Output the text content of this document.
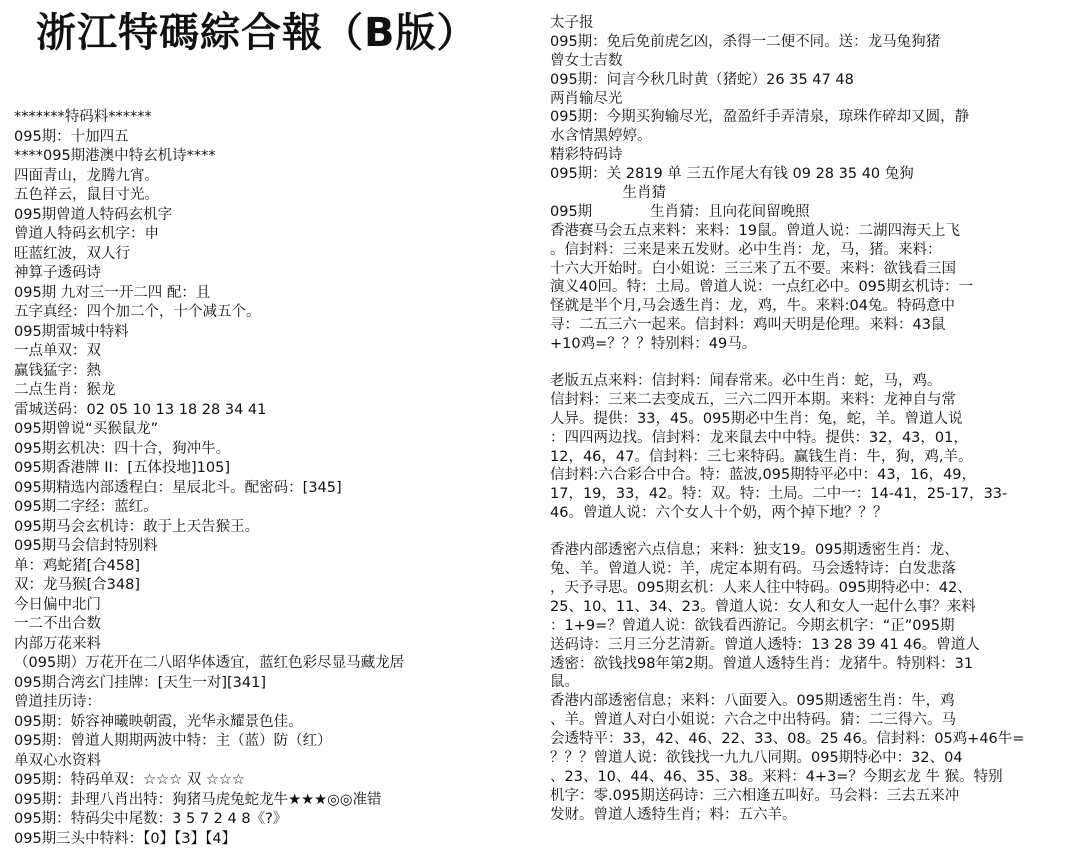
浙江特碼綜合報（B版）
*******特码料******
095期：十加四五
****095期港澳中特玄机诗****
四面青山，龙腾九宵。
五色祥云，鼠目寸光。
095期曾道人特码玄机字
曾道人特码玄机字：申
旺蓝红波，双人行
神算子透码诗
095期 九对三一开二四 配：且
五字真经：四个加二个，十个减五个。
095期雷城中特料
一点单双：双
赢钱猛字：熱
二点生肖：猴龙
雷城送码：02 05 10 13 18 28 34 41
095期曾说“买猴鼠龙”
095期玄机决：四十合，狗冲牛。
095期香港牌 II：[五体投地]105]
095期精选内部透程白：星辰北斗。配密码：[345]
095期二字经：蓝红。
095期马会玄机诗：敢于上天告猴王。
095期马会信封特别料
单：鸡蛇猪[合458]
双：龙马猴[合348]
今日偏中北门
一二不出合数
内部万花来料
（095期）万花开在二八昭华体透宜，蓝红色彩尽显马藏龙居
095期合湾玄门挂牌：[天生一对][341]
曾道挂历诗：
095期：娇容神曦映朝霞，光华永耀景色佳。
095期：曾道人期期两波中特：主（蓝）防（红）
单双心水资料
095期：特码单双：☆☆☆ 双 ☆☆☆
095期：卦理八肖出特：狗猪马虎兔蛇龙牛★★★◎◎准错
095期：特码尖中尾数：3 5 7 2 4 8《?》
095期三头中特料：【0】【3】【4】
太子报
095期：免后免前虎乞凶，杀得一二便不同。送：龙马兔狗猪
曾女士吉数
095期：问言今秋几时黄（猪蛇）26 35 47 48
两肖输尽光
095期：今期买狗输尽光，盈盈纤手弄清泉，琼珠作碎却又圆，静
水含情黑婷婷。
精彩特码诗
095期：关 2819 单 三五作尾大有钱 09 28 35 40 兔狗
　　　　　生肖猜
095期　　　　生肖猜：且向花间留晚照
香港赛马会五点来料：来料：19鼠。曾道人说：二湖四海天上飞
。信封料：三来是来五发财。必中生肖：龙，马，猪。来料：
十六大开始时。白小姐说：三三来了五不要。来料：欲钱看三国
演义40回。特：土局。曾道人说：一点红必中。095期玄机诗：一
怪就是半个月,马会透生肖：龙，鸡，牛。来料:04兔。特码意中
寻：二五三六一起来。信封料：鸡叫天明是伦理。来料：43鼠
+10鸡=？？？特别料：49马。
老版五点来料：信封料：闻春常来。必中生肖：蛇，马，鸡。
信封料：三来二去变成五，三六二四开本期。来料：龙神自与常
人异。提供：33，45。095期必中生肖：兔，蛇，羊。曾道人说
：四四两边找。信封料：龙来鼠去中中特。提供：32，43，01，
12，46，47。信封料：三七来特码。赢钱生肖：牛，狗，鸡,羊。
信封料:六合彩合中合。特：蓝波,095期特平必中：43，16，49，
17，19，33，42。特：双。特：土局。二中一：14-41，25-17，33-
46。曾道人说：六个女人十个奶，两个掉下地？？？
香港内部透密六点信息；来料：独支19。095期透密生肖：龙、
兔、羊。曾道人说：羊，虎定本期有码。马会透特诗：白发悲落
，天予寻思。095期玄机：人来人往中特码。095期特必中：42、
25、10、11、34、23。曾道人说：女人和女人一起什么事？来料
：1+9=？曾道人说：欲钱看西游记。今期玄机字：“正”095期
送码诗：三月三分艺清新。曾道人透特：13 28 39 41 46。曾道人
透密：欲钱找98年第2期。曾道人透特生肖：龙猪牛。特别料：31
鼠。
香港内部透密信息；来料：八面要入。095期透密生肖：牛，鸡
、羊。曾道人对白小姐说：六合之中出特码。猜：二三得六。马
会透特平：33，42、46、22、33、08。25 46。信封料：05鸡+46牛=
？？？曾道人说：欲钱找一九九八同期。095期特必中：32、04
、23、10、44、46、35、38。来料：4+3=？今期玄龙 牛 猴。特别
机字：零.095期送码诗：三六相逢五叫好。马会料：三去五来冲
发财。曾道人透特生肖；料：五六羊。
